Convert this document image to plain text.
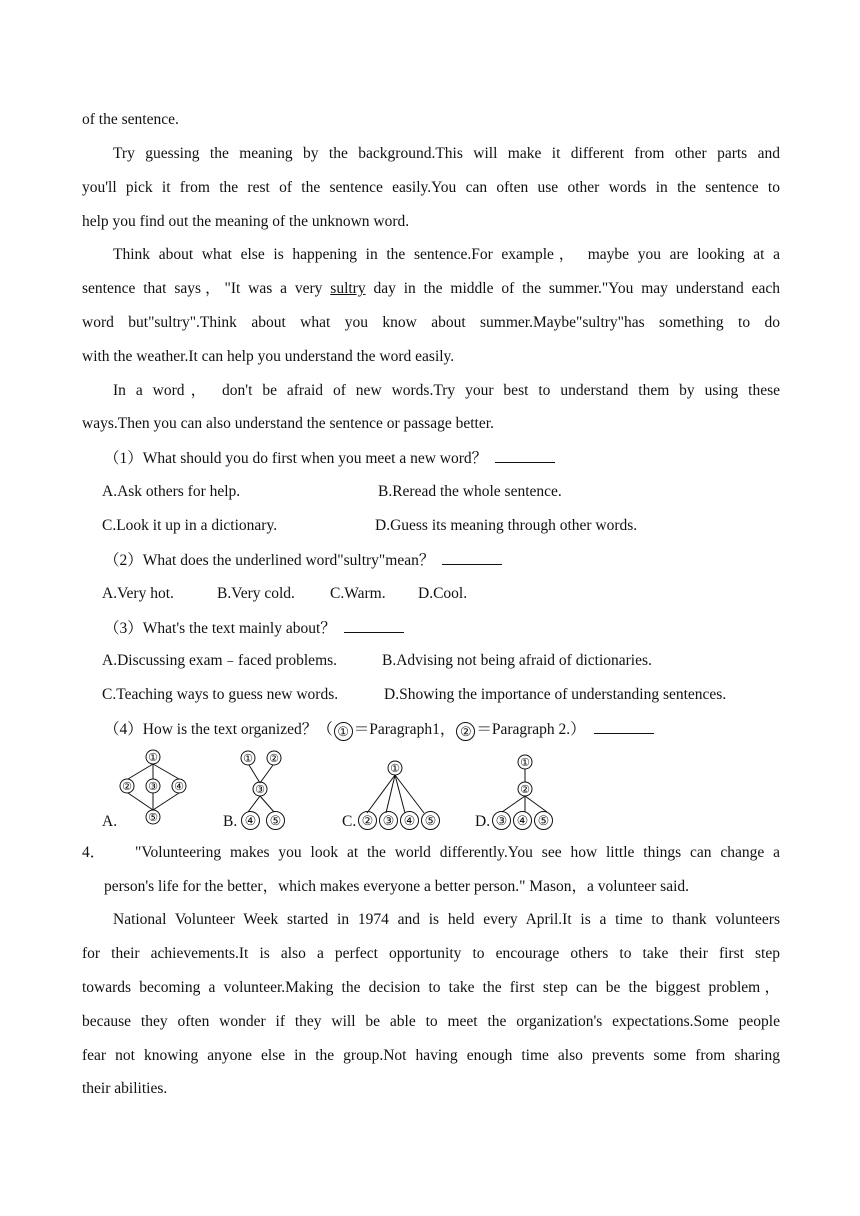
of the sentence.
Try guessing the meaning by the background.This will make it different from other parts and
you'll pick it from the rest of the sentence easily.You can often use other words in the sentence to
help you find out the meaning of the unknown word.
Think about what else is happening in the sentence.For example， maybe you are looking at a
sentence that says，"It was a very sultry day in the middle of the summer."You may understand each
word but"sultry".Think about what you know about summer.Maybe"sultry"has something to do
with the weather.It can help you understand the word easily.
In a word， don't be afraid of new words.Try your best to understand them by using these
ways.Then you can also understand the sentence or passage better.
（1）What should you do first when you meet a new word？
A.Ask others for help.	B.Reread the whole sentence.
C.Look it up in a dictionary.	D.Guess its meaning through other words.
（2）What does the underlined word"sultry"mean？
A.Very hot.	B.Very cold.	C.Warm.	D.Cool.
（3）What's the text mainly about？
A.Discussing exam﹣faced problems.	B.Advising not being afraid of dictionaries.
C.Teaching ways to guess new words.	D.Showing the importance of understanding sentences.
（4）How is the text organized？（ ① ＝Paragraph1， ② ＝Paragraph 2.）
A.
①
② ③ ④
⑤	B.
① ②
③
④	⑤	C.
①
② ③ ④ ⑤	D.
①
②
③ ④ ⑤
4．	"Volunteering makes you look at the world differently.You see how little things can change a
person's life for the better，which makes everyone a better person." Mason，a volunteer said.
National Volunteer Week started in 1974 and is held every April.It is a time to thank volunteers
for their achievements.It is also a perfect opportunity to encourage others to take their first step
towards becoming a volunteer.Making the decision to take the first step can be the biggest problem，
because they often wonder if they will be able to meet the organization's expectations.Some people
fear not knowing anyone else in the group.Not having enough time also prevents some from sharing
their abilities.
